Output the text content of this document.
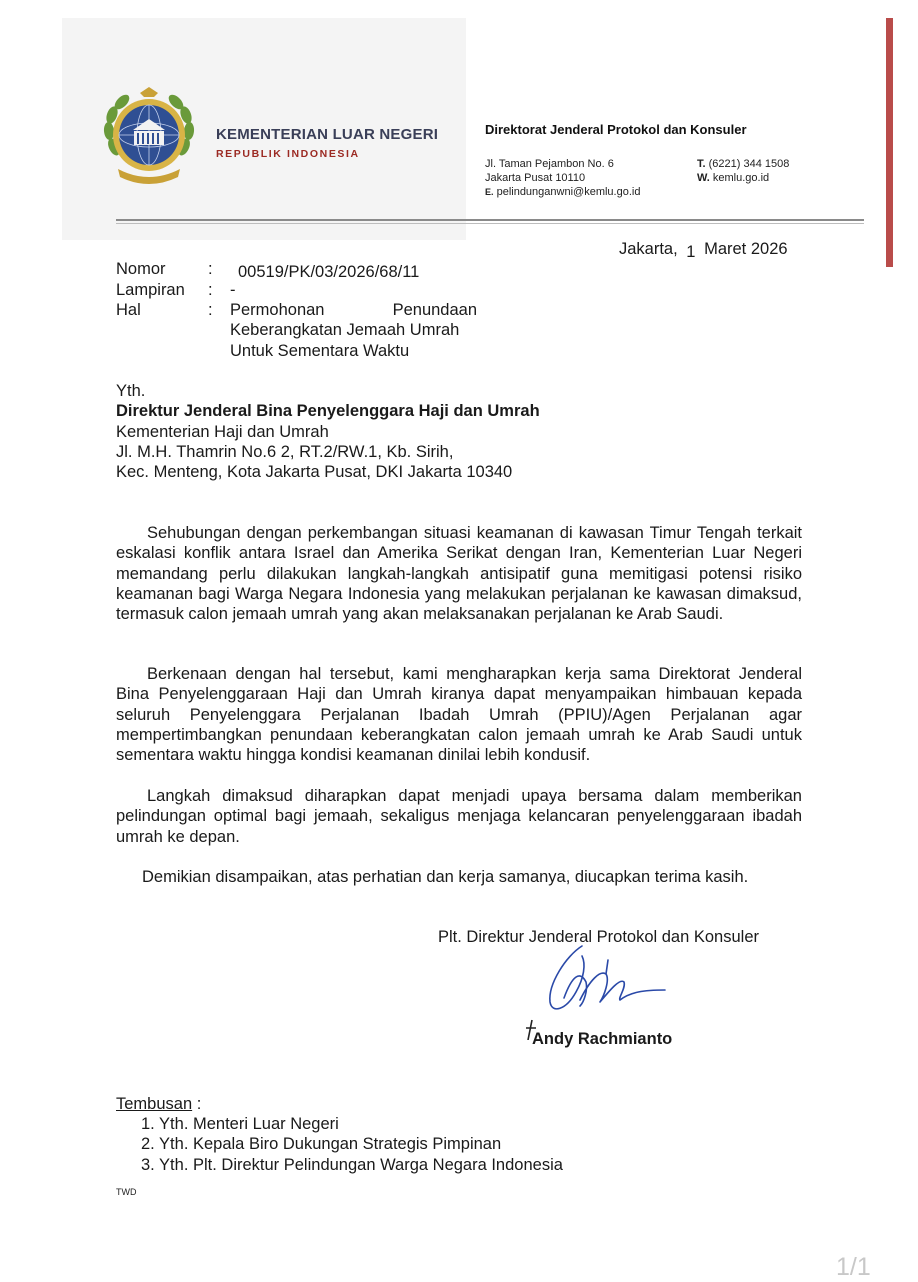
KEMENTERIAN LUAR NEGERI
REPUBLIK INDONESIA
Direktorat Jenderal Protokol dan Konsuler
Jl. Taman Pejambon No. 6
Jakarta Pusat 10110
E. pelindunganwni@kemlu.go.id
T. (6221) 344 1508
W. kemlu.go.id
Jakarta, 1 Maret 2026
Nomor	: 00519/PK/03/2026/68/11
Lampiran : -
Hal	: Permohonan Penundaan
Keberangkatan Jemaah Umrah
Untuk Sementara Waktu
Yth.
Direktur Jenderal Bina Penyelenggara Haji dan Umrah
Kementerian Haji dan Umrah
Jl. M.H. Thamrin No.6 2, RT.2/RW.1, Kb. Sirih,
Kec. Menteng, Kota Jakarta Pusat, DKI Jakarta 10340
Sehubungan dengan perkembangan situasi keamanan di kawasan Timur Tengah terkait eskalasi konflik antara Israel dan Amerika Serikat dengan Iran, Kementerian Luar Negeri memandang perlu dilakukan langkah-langkah antisipatif guna memitigasi potensi risiko keamanan bagi Warga Negara Indonesia yang melakukan perjalanan ke kawasan dimaksud, termasuk calon jemaah umrah yang akan melaksanakan perjalanan ke Arab Saudi.
Berkenaan dengan hal tersebut, kami mengharapkan kerja sama Direktorat Jenderal Bina Penyelenggaraan Haji dan Umrah kiranya dapat menyampaikan himbauan kepada seluruh Penyelenggara Perjalanan Ibadah Umrah (PPIU)/Agen Perjalanan agar mempertimbangkan penundaan keberangkatan calon jemaah umrah ke Arab Saudi untuk sementara waktu hingga kondisi keamanan dinilai lebih kondusif.
Langkah dimaksud diharapkan dapat menjadi upaya bersama dalam memberikan pelindungan optimal bagi jemaah, sekaligus menjaga kelancaran penyelenggaraan ibadah umrah ke depan.
Demikian disampaikan, atas perhatian dan kerja samanya, diucapkan terima kasih.
Plt. Direktur Jenderal Protokol dan Konsuler
Andy Rachmianto
Tembusan :
1. Yth. Menteri Luar Negeri
2. Yth. Kepala Biro Dukungan Strategis Pimpinan
3. Yth. Plt. Direktur Pelindungan Warga Negara Indonesia
TWD
1/1
